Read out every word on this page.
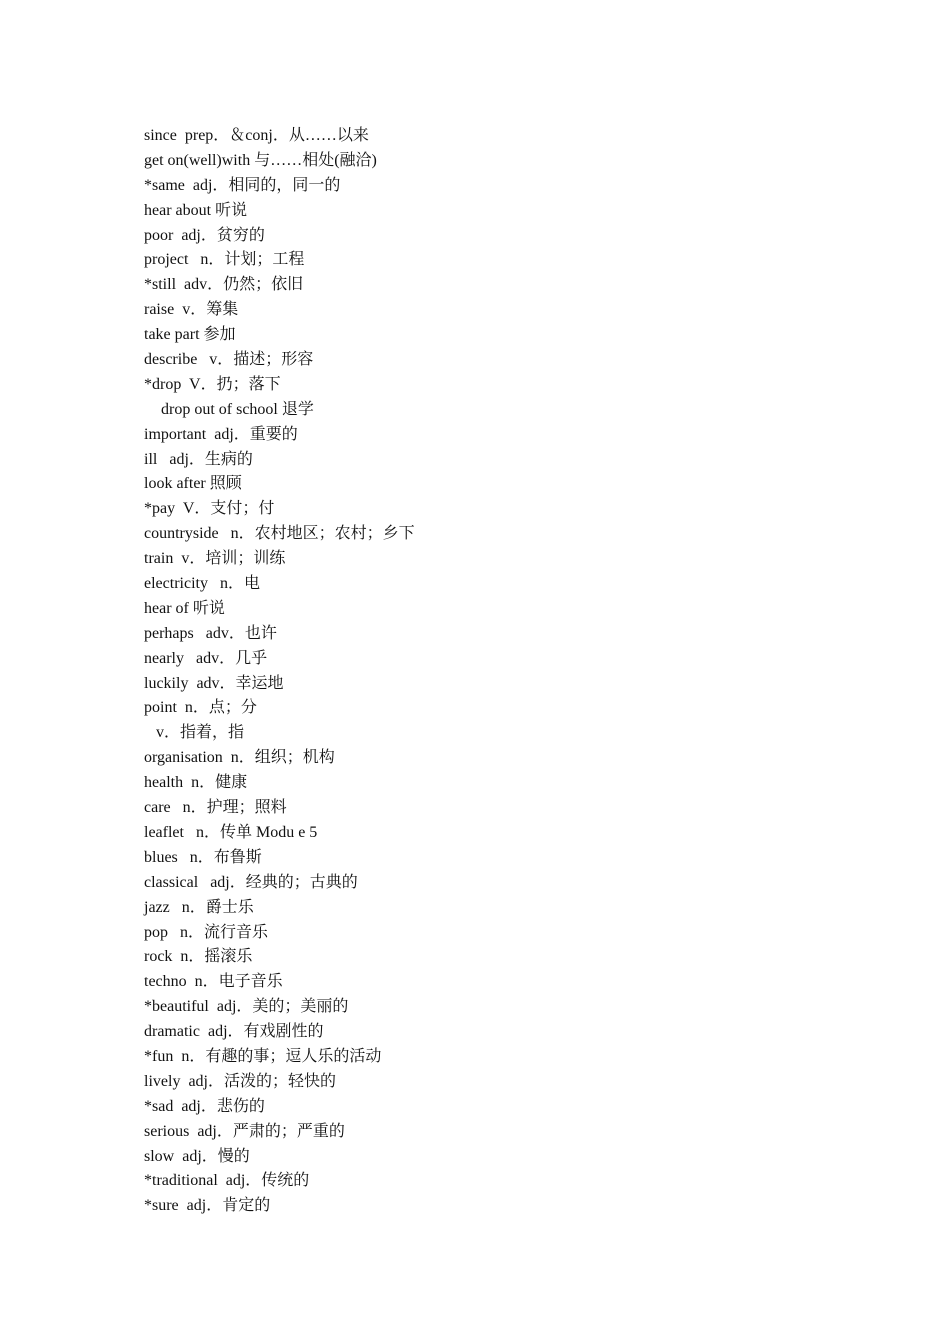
since  prep．＆conj．从……以来
get on(well)with 与……相处(融洽)
*same  adj．相同的，同一的
hear about 听说
poor  adj．贫穷的
project   n．计划；工程
*still  adv．仍然；依旧
raise  v．筹集
take part 参加
describe   v．描述；形容
*drop  V．扔；落下
drop out of school 退学
important  adj．重要的
ill   adj．生病的
look after 照顾
*pay  V．支付；付
countryside   n．农村地区；农村；乡下
train  v．培训；训练
electricity   n．电
hear of 听说
perhaps   adv．也许
nearly   adv．几乎
luckily  adv．幸运地
point  n．点；分
v．指着，指
organisation  n．组织；机构
health  n．健康
care   n．护理；照料
leaflet   n．传单 Modu e 5
blues   n．布鲁斯
classical   adj．经典的；古典的
jazz   n．爵士乐
pop   n．流行音乐
rock  n．摇滚乐
techno  n．电子音乐
*beautiful  adj．美的；美丽的
dramatic  adj．有戏剧性的
*fun  n．有趣的事；逗人乐的活动
lively  adj．活泼的；轻快的
*sad  adj．悲伤的
serious  adj．严肃的；严重的
slow  adj．慢的
*traditional  adj．传统的
*sure  adj．肯定的
